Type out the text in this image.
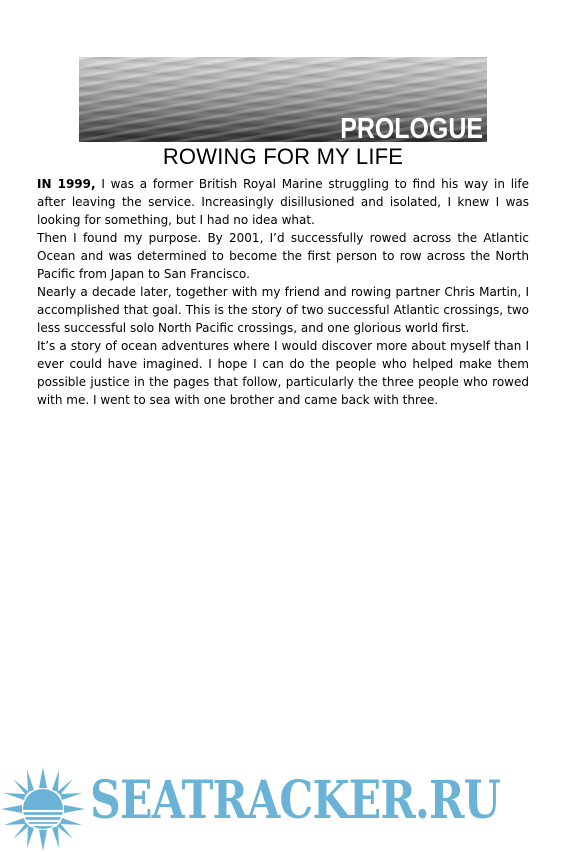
PROLOGUE
ROWING FOR MY LIFE

IN 1999, I was a former British Royal Marine struggling to find his way in life after leaving the service. Increasingly disillusioned and isolated, I knew I was looking for something, but I had no idea what.

Then I found my purpose. By 2001, I’d successfully rowed across the Atlantic Ocean and was determined to become the first person to row across the North Pacific from Japan to San Francisco.

Nearly a decade later, together with my friend and rowing partner Chris Martin, I accomplished that goal. This is the story of two successful Atlantic crossings, two less successful solo North Pacific crossings, and one glorious world first.

It’s a story of ocean adventures where I would discover more about myself than I ever could have imagined. I hope I can do the people who helped make them possible justice in the pages that follow, particularly the three people who rowed with me. I went to sea with one brother and came back with three.

SEATRACKER.RU
